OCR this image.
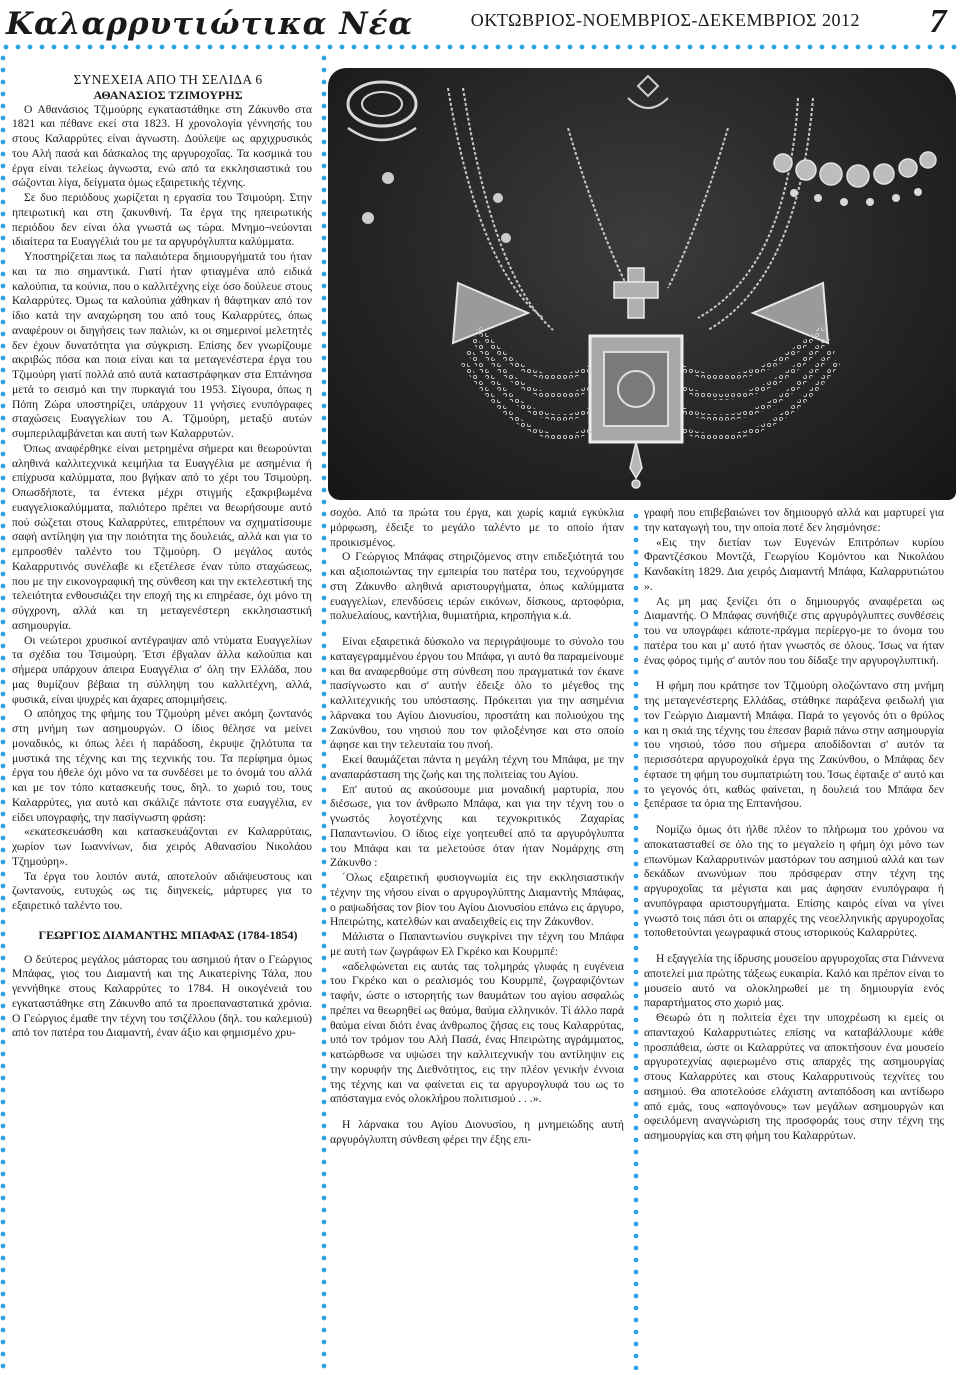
Καλαρρυτιώτικα Νέα	ΟΚΤΩΒΡΙΟΣ-ΝΟΕΜΒΡΙΟΣ-ΔΕΚΕΜΒΡΙΟΣ 2012 7

ΣΥΝΕΧΕΙΑ ΑΠΟ ΤΗ ΣΕΛΙΔΑ 6

ΑΘΑΝΑΣΙΟΣ ΤΖΙΜΟΥΡΗΣ

Ο Αθανάσιος Τζιμούρης εγκαταστάθηκε στη Ζάκυνθο στα 1821 και πέθανε εκεί στα 1823. Η χρονολογία γέννησής του στους Καλαρρύτες είναι άγνωστη. Δούλεψε ως αρχιχρυσικός του Αλή πασά και δάσκαλος της αργυροχοΐας. Τα κοσμικά του έργα είναι τελείως άγνωστα, ενώ από τα εκκλησιαστικά του σώζονται λίγα, δείγματα όμως εξαιρετικής τέχνης.

Σε δυο περιόδους χωρίζεται η εργασία του Τσιμούρη. Στην ηπειρωτική και στη ζακυνθινή. Τα έργα της ηπειρωτικής περιόδου δεν είναι όλα γνωστά ως τώρα. Μνημο¬νεύονται ιδιαίτερα τα Ευαγγέλιά του με τα αργυρόγλυπτα καλύμματα.

Υποστηρίζεται πως τα παλαιότερα δημιουργήματά του ήταν και τα πιο σημαντικά. Γιατί ήταν φτιαγμένα από ειδικά καλούπια, τα κούνια, που ο καλλιτέχνης είχε όσο δούλευε στους Καλαρρύτες. Όμως τα καλούπια χάθηκαν ή θάφτηκαν από τον ίδιο κατά την αναχώρηση του από τους Καλαρρύτες, όπως αναφέρουν οι διηγήσεις των παλιών, κι οι σημερινοί μελετητές δεν έχουν δυνατότητα για σύγκριση. Επίσης δεν γνωρίζουμε ακριβώς πόσα και ποια είναι και τα μεταγενέστερα έργα του Τζιμούρη γιατί πολλά από αυτά καταστράφηκαν στα Επτάνησα μετά το σεισμό και την πυρκαγιά του 1953. Σίγουρα, όπως η Πόπη Ζώρα υποστηρίζει, υπάρχουν 11 γνήσιες ενυπόγραφες σταχώσεις Ευαγγελίων του Α. Τζιμούρη, μεταξύ αυτών συμπεριλαμβάνεται και αυτή των Καλαρρυτών.

Όπως αναφέρθηκε είναι μετρημένα σήμερα και θεωρούνται αληθινά καλλιτεχνικά κειμήλια τα Ευαγγέλια με ασημένια ή επίχρυσα καλύμματα, που βγήκαν από το χέρι του Τσιμούρη. Οπωσδήποτε, τα έντεκα μέχρι στιγμής εξακριβωμένα ευαγγελιοκαλύμματα, παλιότερο πρέπει να θεωρήσουμε αυτό πού σώζεται στους Καλαρρύτες, επιτρέπουν να σχηματίσουμε σαφή αντίληψη για την ποιότητα της δουλειάς, αλλά και για το εμπροσθέν ταλέντο του Τζιμούρη. Ο μεγάλος αυτός Καλαρρυτινός συνέλαβε κι εξετέλεσε έναν τύπο σταχώσεως, που με την εικονογραφική της σύνθεση και την εκτελεστική της τελειότητα ενθουσιάζει την εποχή της κι επηρέασε, όχι μόνο τη σύγχρονη, αλλά και τη μεταγενέστερη εκκλησιαστική ασημουργία.

Οι νεώτεροι χρυσικοί αντέγραψαν από ντύματα Ευαγγελίων τα σχέδια του Τσιμούρη. Έτσι έβγαλαν άλλα καλούπια και σήμερα υπάρχουν άπειρα Ευαγγέλια σ' όλη την Ελλάδα, που μας θυμίζουν βέβαια τη σύλληψη του καλλιτέχνη, αλλά, φυσικά, είναι ψυχρές και άχαρες απομιμήσεις.

Ο απόηχος της φήμης του Τζιμούρη μένει ακόμη ζωντανός στη μνήμη των ασημουργών. Ο ίδιος θέλησε να μείνει μοναδικός, κι όπως λέει ή παράδοση, έκρυψε ζηλότυπα τα μυστικά της τέχνης και της τεχνικής του. Τα περίφημα όμως έργα του ήθελε όχι μόνο να τα συνδέσει με το όνομά του αλλά και με τον τόπο κατασκευής τους, δηλ. το χωριό του, τους Καλαρρύτες, για αυτό και σκάλιζε πάντοτε στα ευαγγέλια, εν είδει υπογραφής, την πασίγνωστη φράση:

«εκατεσκευάσθη και κατασκευάζονται εν Καλαρρύταις, χωρίον των Ιωαννίνων, δια χειρός Αθανασίου Νικολάου Τζημούρη».

Τα έργα του λοιπόν αυτά, αποτελούν αδιάψευστους και ζωντανούς, ευτυχώς ως τις διηνεκείς, μάρτυρες για το εξαιρετικό ταλέντο του.

ΓΕΩΡΓΙΟΣ ΔΙΑΜΑΝΤΗΣ ΜΠΑΦΑΣ (1784-1854)

Ο δεύτερος μεγάλος μάστορας του ασημιού ήταν ο Γεώργιος Μπάφας, γιος του Διαμαντή και της Αικατερίνης Τάλα, που γεννήθηκε στους Καλαρρύτες το 1784. Η οικογένειά του εγκαταστάθηκε στη Ζάκυνθο από τα προεπαναστατικά χρόνια. Ο Γεώργιος έμαθε την τέχνη του τσιζέλλου (δηλ. του καλεμιού) από τον πατέρα του Διαμαντή, έναν άξιο και φημισμένο χρυ-

σοχόο. Από τα πρώτα του έργα, και χωρίς καμιά εγκύκλια μόρφωση, έδειξε το μεγάλο ταλέντο με το οποίο ήταν προικισμένος.

Ο Γεώργιος Μπάφας στηριζόμενος στην επιδεξιότητά του και αξιοποιώντας την εμπειρία του πατέρα του, τεχνούργησε στη Ζάκυνθο αληθινά αριστουργήματα, όπως καλύμματα ευαγγελίων, επενδύσεις ιερών εικόνων, δίσκους, αρτοφόρια, πολυελαίους, καντήλια, θυμιατήρια, κηροπήγια κ.ά.

Είναι εξαιρετικά δύσκολο να περιγράψουμε το σύνολο του καταγεγραμμένου έργου του Μπάφα, γι αυτό θα παραμείνουμε και θα αναφερθούμε στη σύνθεση που πραγματικά τον έκανε πασίγνωστο και σ' αυτήν έδειξε όλο το μέγεθος της καλλιτεχνικής του υπόστασης. Πρόκειται για την ασημένια λάρνακα του Αγίου Διονυσίου, προστάτη και πολιούχου της Ζακύνθου, του νησιού που τον φιλοξένησε και στο οποίο άφησε και την τελευταία του πνοή.

Εκεί θαυμάζεται πάντα η μεγάλη τέχνη του Μπάφα, με την αναπαράσταση της ζωής και της πολιτείας του Αγίου.

Επ' αυτού ας ακούσουμε μια μοναδική μαρτυρία, που διέσωσε, για τον άνθρωπο Μπάφα, και για την τέχνη του ο γνωστός λογοτέχνης και τεχνοκριτικός Ζαχαρίας Παπαντωνίου. Ο ίδιος είχε γοητευθεί από τα αργυρόγλυπτα του Μπάφα και τα μελετούσε όταν ήταν Νομάρχης στη Ζάκυνθο :

΄Ολως εξαιρετική φυσιογνωμία εις την εκκλησιαστικήν τέχνην της νήσου είναι ο αργυρογλύπτης Διαμαντής Μπάφας, ο ραψωδήσας τον βίον του Αγίου Διονυσίου επάνω εις άργυρο, Ηπειρώτης, κατελθών και αναδειχθείς εις την Ζάκυνθον.

Μάλιστα ο Παπαντωνίου συγκρίνει την τέχνη του Μπάφα με αυτή των ζωγράφων Ελ Γκρέκο και Κουρμπέ:

«αδελφώνεται εις αυτάς τας τολμηράς γλυφάς η ευγένεια του Γκρέκο και ο ρεαλισμός του Κουρμπέ, ζωγραφιζόντων ταφήν, ώστε ο ιστορητής των θαυμάτων του αγίου ασφαλώς πρέπει να θεωρηθεί ως θαύμα, θαύμα ελληνικόν. Τί άλλο παρά θαύμα είναι διότι ένας άνθρωπος ζήσας εις τους Καλαρρύτας, υπό τον τρόμον του Αλή Πασά, ένας Ηπειρώτης αγράμματος, κατώρθωσε να υψώσει την καλλιτεχνικήν του αντίληψιν εις την κορυφήν της Διεθνότητος, εις την πλέον γενικήν έννοια της τέχνης και να φαίνεται εις τα αργυρογλυφά του ως το απόσταγμα ενός ολοκλήρου πολιτισμού . . .».

Η λάρνακα του Αγίου Διονυσίου, η μνημειώδης αυτή αργυρόγλυπτη σύνθεση φέρει την έξης επι-

γραφή που επιβεβαιώνει τον δημιουργό αλλά και μαρτυρεί για την καταγωγή του, την οποία ποτέ δεν λησμόνησε:

«Εις την διετίαν των Ευγενών Επιτρόπων κυρίου Φραντζέσκου Μοντζά, Γεωργίου Κομόντου και Νικολάου Κανδακίτη 1829. Δια χειρός Διαμαντή Μπάφα, Καλαρρυτιώτου ».

Ας μη μας ξενίζει ότι ο δημιουργός αναφέρεται ως Διαμαντής. Ο Μπάφας συνήθιζε στις αργυρόγλυπτες συνθέσεις του να υπογράφει κάποτε-πράγμα περίεργο-με το όνομα του πατέρα του και μ' αυτό ήταν γνωστός σε όλους. Ίσως να ήταν ένας φόρος τιμής σ' αυτόν που του δίδαξε την αργυρογλυπτική.

Η φήμη που κράτησε τον Τζιμούρη ολοζώντανο στη μνήμη της μεταγενέστερης Ελλάδας, στάθηκε παράξενα φειδωλή για τον Γεώργιο Διαμαντή Μπάφα. Παρά το γεγονός ότι ο θρύλος και η σκιά της τέχνης του έπεσαν βαριά πάνω στην ασημουργία του νησιού, τόσο που σήμερα αποδίδονται σ' αυτόν τα περισσότερα αργυροχοϊκά έργα της Ζακύνθου, ο Μπάφας δεν έφτασε τη φήμη του συμπατριώτη του. Ίσως έφταιξε σ' αυτό και το γεγονός ότι, καθώς φαίνεται, η δουλειά του Μπάφα δεν ξεπέρασε τα όρια της Επτανήσου.

Νομίζω όμως ότι ήλθε πλέον το πλήρωμα του χρόνου να αποκατασταθεί σε όλο της το μεγαλείο η φήμη όχι μόνο των επωνύμων Καλαρρυτινών μαστόρων του ασημιού αλλά και των δεκάδων ανωνύμων που πρόσφεραν στην τέχνη της αργυροχοΐας τα μέγιστα και μας άφησαν ενυπόγραφα ή ανυπόγραφα αριστουργήματα. Επίσης καιρός είναι να γίνει γνωστό τοις πάσι ότι οι απαρχές της νεοελληνικής αργυροχοΐας τοποθετούνται γεωγραφικά στους ιστορικούς Καλαρρύτες.

Η εξαγγελία της ίδρυσης μουσείου αργυροχοΐας στα Γιάννενα αποτελεί μια πρώτης τάξεως ευκαιρία. Καλό και πρέπον είναι το μουσείο αυτό να ολοκληρωθεί με τη δημιουργία ενός παραρτήματος στο χωριό μας.

Θεωρώ ότι η πολιτεία έχει την υποχρέωση κι εμείς οι απανταχού Καλαρρυτιώτες επίσης να καταβάλλουμε κάθε προσπάθεια, ώστε οι Καλαρρύτες να αποκτήσουν ένα μουσείο αργυροτεχνίας αφιερωμένο στις απαρχές της ασημουργίας στους Καλαρρύτες και στους Καλαρρυτινούς τεχνίτες του ασημιού. Θα αποτελούσε ελάχιστη ανταπόδοση και αντίδωρο από εμάς, τους «απογόνους» των μεγάλων ασημουργών και οφειλόμενη αναγνώριση της προσφοράς τους στην τέχνη της ασημουργίας και στη φήμη του Καλαρρύτων.
